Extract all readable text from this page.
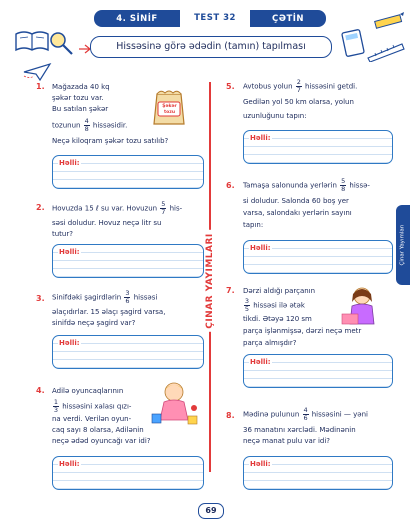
4. SİNİF	TEST 32	ÇƏTİN
Hissəsinə görə ədədin (tamın) tapılması
ÇINAR YAYIMLARI	Çinar Yayımları
1. Mağazada 40 kq
şəkər tozu var.
Bu satılan şəkər
tozunun $\frac{4}{8}$ hissəsidir.
Neçə kiloqram şəkər tozu satılıb?
Şəkər tozu
Həlli:
2. Hovuzda 15 ℓ su var. Hovuzun $\frac{5}{7} his-$
səsi doludur. Hovuz neçə litr su
tutur?
Həlli:
3. Sinifdəki şagirdlərin $\frac{3}{6}$ hissəsi
əlaçıdırlar. 15 əlaçı şagird varsa,
sinifdə neçə şagird var?
Həlli:
4. Adilə oyuncaqlarının
$\frac{1}{3}$ hissəsini xalası qızı-
na verdi. Verilən oyun-
caq sayı 8 olarsa, Adilənin
neçə ədəd oyuncağı var idi?
Həlli:
5. Avtobus yolun $\frac{2}{7}$ hissəsini getdi.
Gedilən yol 50 km olarsa, yolun
uzunluğunu tapın:
Həlli:
6. Tamaşa salonunda yerlərin $\frac{5}{8}$ hissə-
si doludur. Salonda 60 boş yer
varsa, salondakı yerlərin sayını
tapın:
Həlli:
7. Dərzi aldığı parçanın
$\frac{3}{5}$ hissəsi ilə ətək
tikdi. Ətəyə 120 sm
parça işlənmişsə, dərzi neçə metr
parça almışdır?
Həlli:
8. Mədinə pulunun $\frac{4}{6}$ hissəsini — yəni
36 manatını xərclədi. Mədinənin
neçə manat pulu var idi?
Həlli:
69
